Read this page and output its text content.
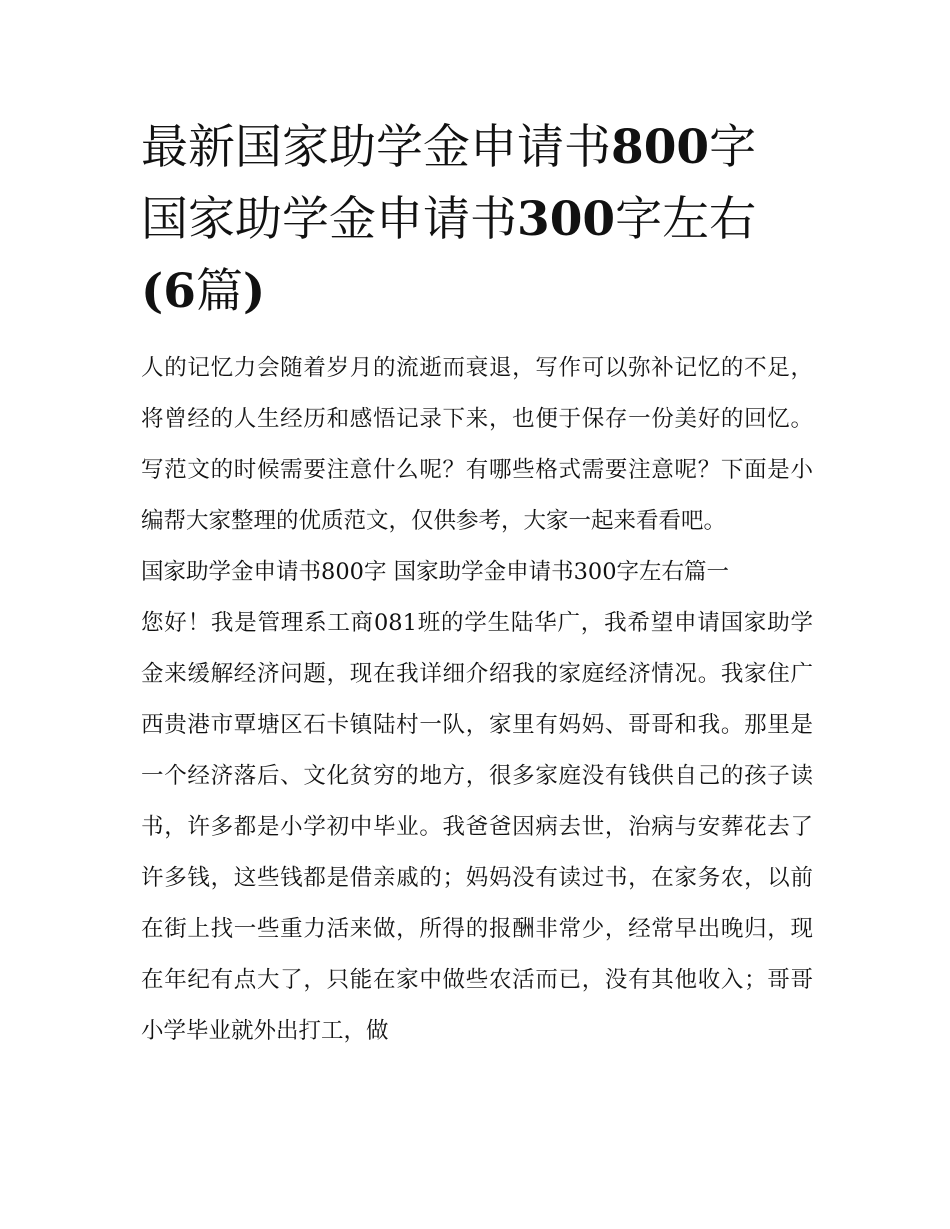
最新国家助学金申请书800字
国家助学金申请书300字左右
(6篇)

人的记忆力会随着岁月的流逝而衰退，写作可以弥补记忆的不足，将曾经的人生经历和感悟记录下来，也便于保存一份美好的回忆。写范文的时候需要注意什么呢？有哪些格式需要注意呢？下面是小编帮大家整理的优质范文，仅供参考，大家一起来看看吧。

国家助学金申请书800字 国家助学金申请书300字左右篇一

您好！我是管理系工商081班的学生陆华广，我希望申请国家助学金来缓解经济问题，现在我详细介绍我的家庭经济情况。我家住广西贵港市覃塘区石卡镇陆村一队，家里有妈妈、哥哥和我。那里是一个经济落后、文化贫穷的地方，很多家庭没有钱供自己的孩子读书，许多都是小学初中毕业。我爸爸因病去世，治病与安葬花去了许多钱，这些钱都是借亲戚的；妈妈没有读过书，在家务农，以前在街上找一些重力活来做，所得的报酬非常少，经常早出晚归，现在年纪有点大了，只能在家中做些农活而已，没有其他收入；哥哥小学毕业就外出打工，做
